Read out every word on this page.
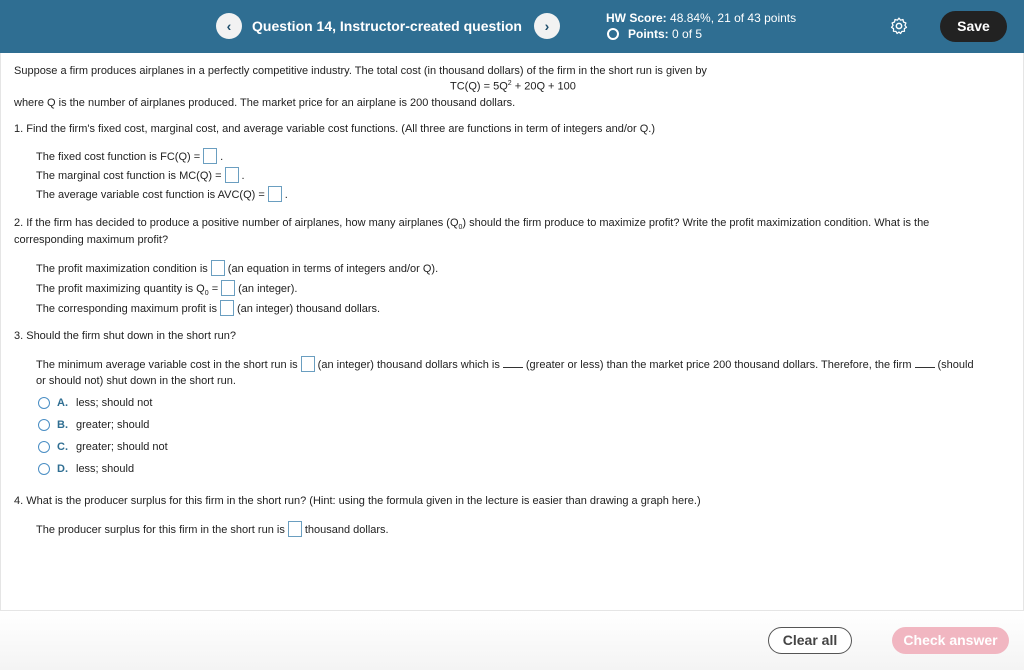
‹	Question 14, Instructor-created question	›	HW Score: 48.84%, 21 of 43 points
Points:
0 of 5	Save
Suppose a firm produces airplanes in a perfectly competitive industry. The total cost (in thousand dollars) of the firm in the short run is given by
$TC(Q) = 5Q^2 + 20Q + 100$
where Q is the number of airplanes produced. The market price for an airplane is 200 thousand dollars.
1. Find the firm's fixed cost, marginal cost, and average variable cost functions. (All three are functions in term of integers and/or Q.)
The fixed cost function is FC(Q) = .
The marginal cost function is MC(Q) = .
The average variable cost function is AVC(Q) = .
2. If the firm has decided to produce a positive number of airplanes, how many airplanes $(Q_0)$ should the firm produce to maximize profit? Write the profit maximization condition. What is the
corresponding maximum profit?
The profit maximization condition is (an equation in terms of integers and/or Q).
The profit maximizing quantity is $Q_0 = (an$ integer).
The corresponding maximum profit is (an integer) thousand dollars.
3. Should the firm shut down in the short run?
The minimum average variable cost in the short run is (an integer) thousand dollars which is (greater or less) than the market price 200 thousand dollars. Therefore, the firm (should
or should not) shut down in the short run.
A. less; should not
B. greater; should
C. greater; should not
D. less; should
4. What is the producer surplus for this firm in the short run? (Hint: using the formula given in the lecture is easier than drawing a graph here.)
The producer surplus for this firm in the short run is thousand dollars.
Clear all	Check answer
